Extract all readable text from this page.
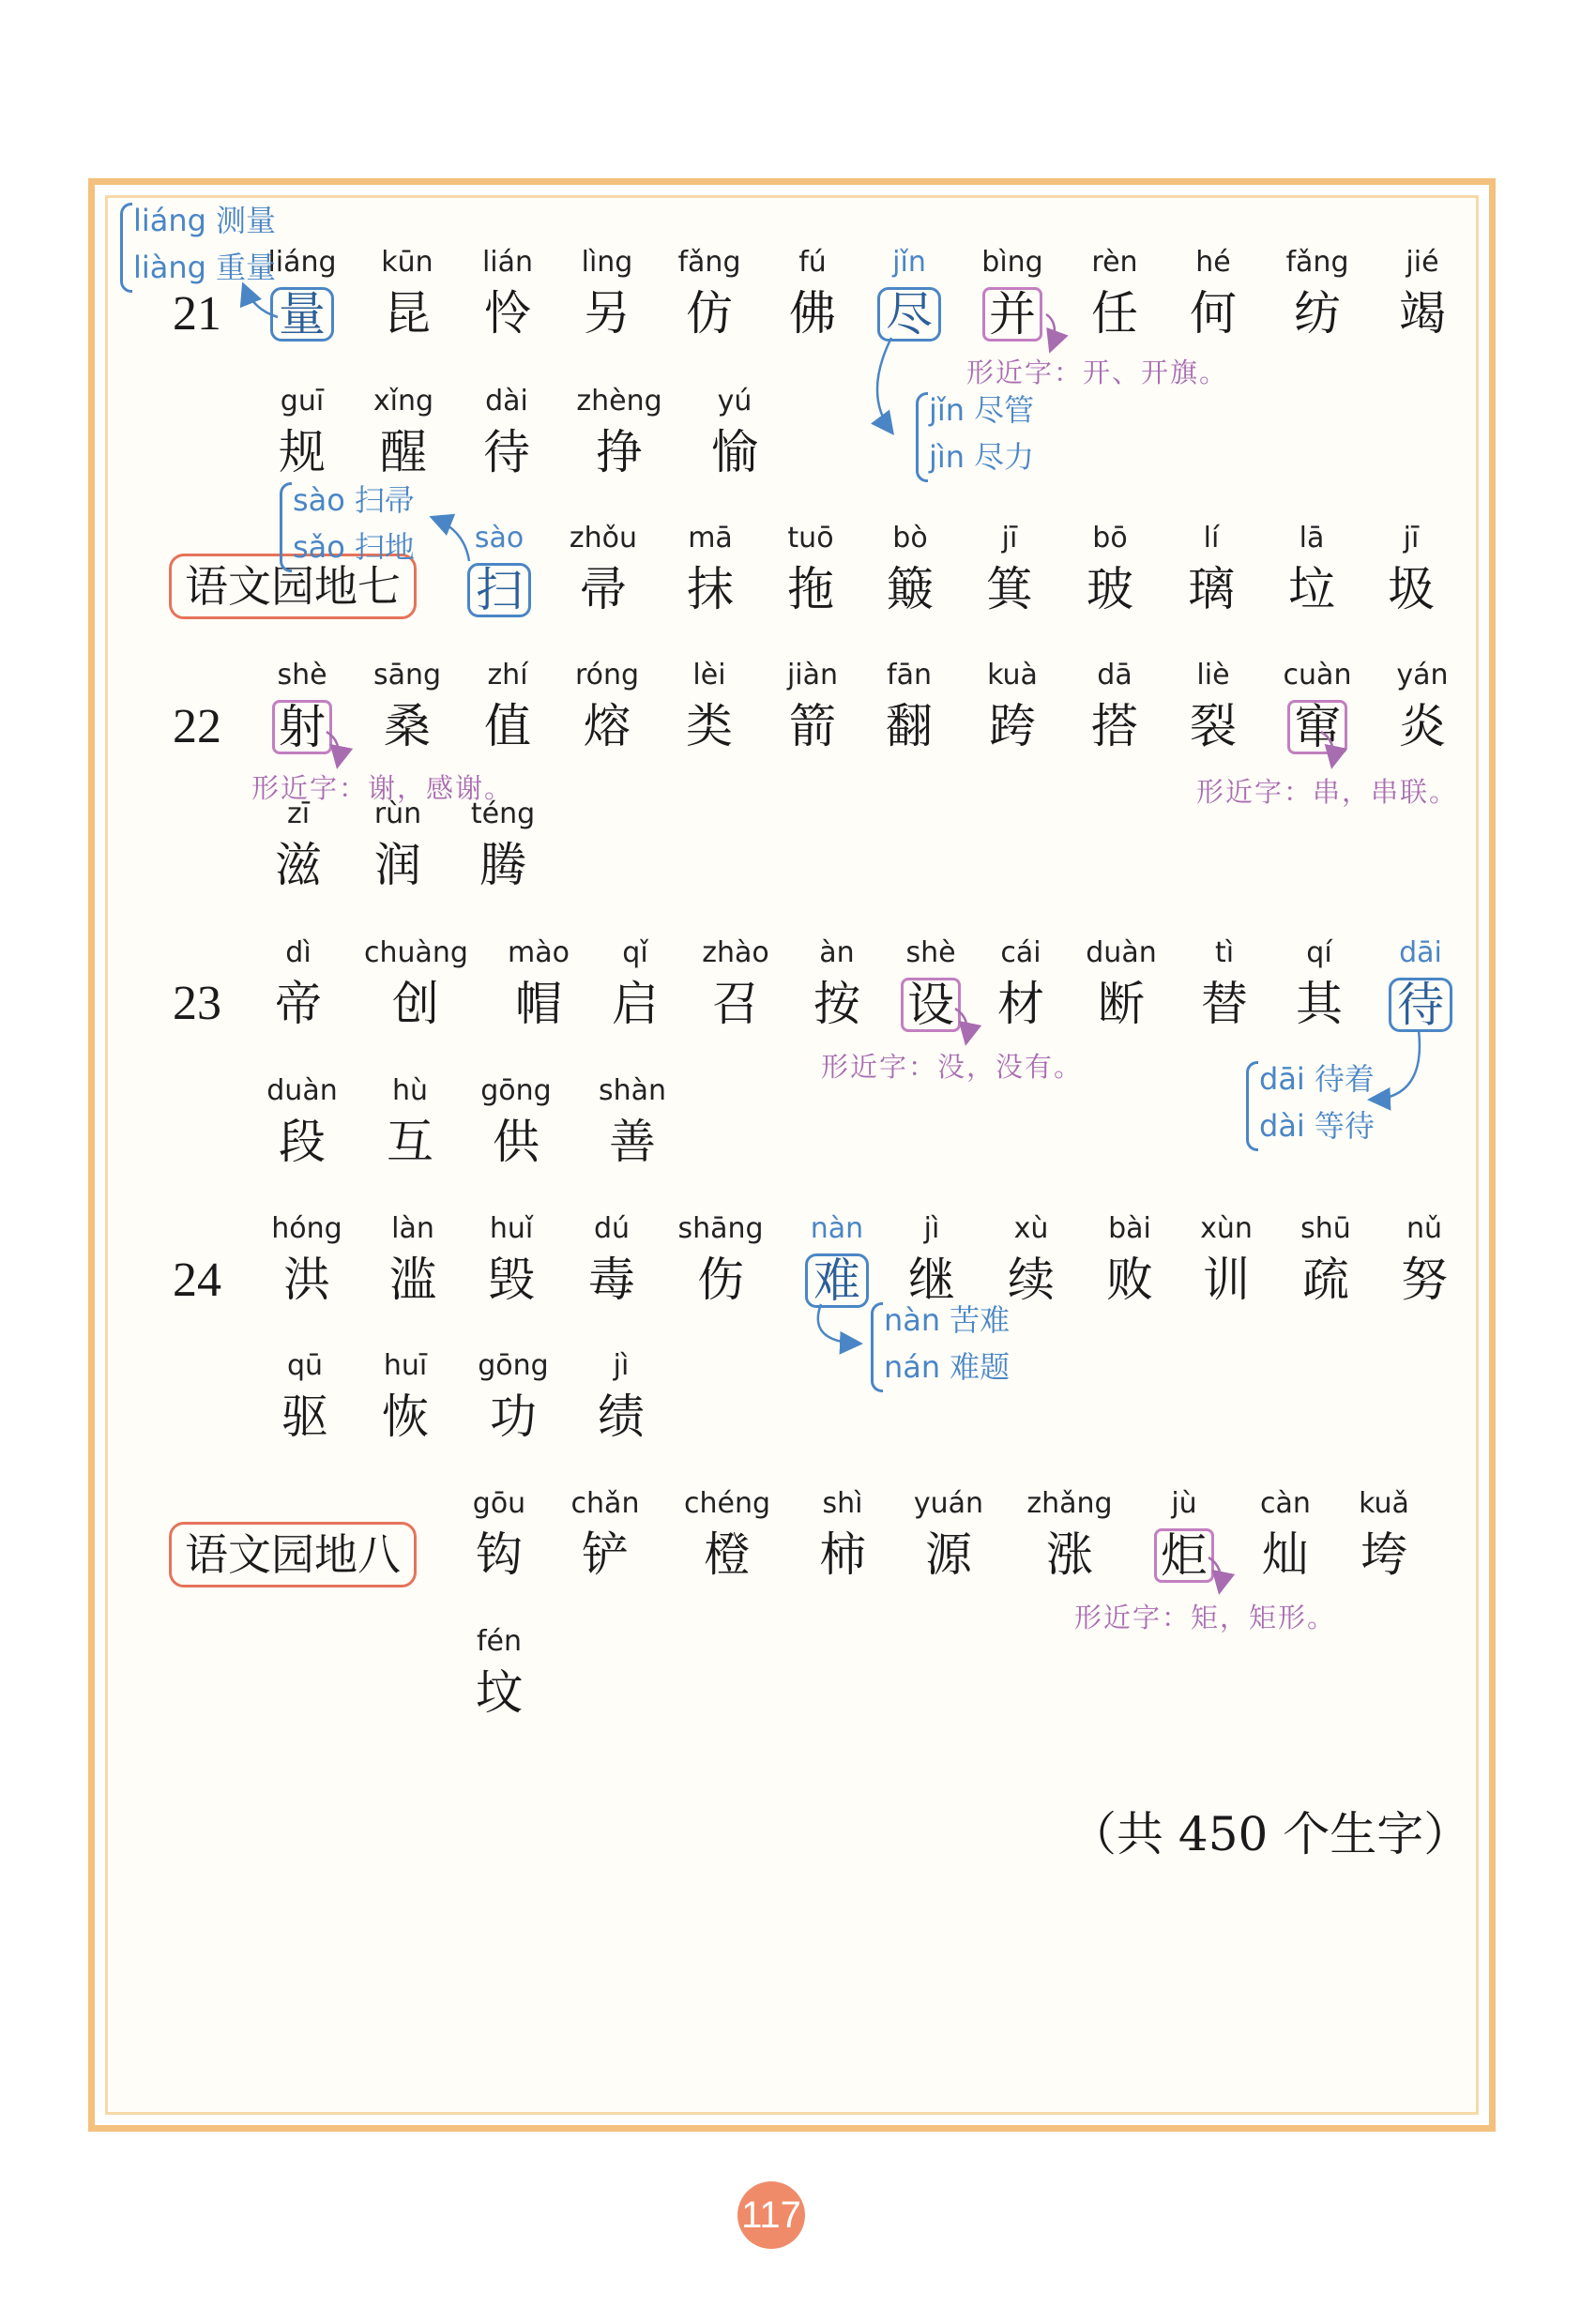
21
liáng
量
kūn
昆
lián
怜
lìng
另
fǎng
仿
fú
佛
jǐn
尽
bìng
并
rèn
任
hé
何
fǎng
纺
jié
竭
guī
规
xǐng
醒
dài
待
zhèng
挣
yú
愉
liáng 测量
liàng 重量
jǐn 尽管
jìn 尽力
形近字：开、开旗。
语文园地七
sào
扫
zhǒu
帚
mā
抹
tuō
拖
bò
簸
jī
箕
bō
玻
lí
璃
lā
垃
jī
圾
sào 扫帚
sǎo 扫地
22
shè
射
sāng
桑
zhí
值
róng
熔
lèi
类
jiàn
箭
fān
翻
kuà
跨
dā
搭
liè
裂
cuàn
窜
yán
炎
zī
滋
rùn
润
téng
腾
形近字：谢，感谢。	形近字：串，串联。
23
dì
帝
chuàng
创
mào
帽
qǐ
启
zhào
召
àn
按
shè
设
cái
材
duàn
断
tì
替
qí
其
dāi
待
duàn
段
hù
互
gōng
供
shàn
善
形近字：没，没有。	dāi 待着
dài 等待
24
hóng
洪
làn
滥
huǐ
毁
dú
毒
shāng
伤
nàn
难
jì
继
xù
续
bài
败
xùn
训
shū
疏
nǔ
努
qū
驱
huī
恢
gōng
功
jì
绩
nàn 苦难
nán 难题
语文园地八
gōu
钩
chǎn
铲
chéng
橙
shì
柿
yuán
源
zhǎng
涨
jù
炬
càn
灿
kuǎ
垮
fén
坟
形近字：矩，矩形。
（共 450 个生字）
117
